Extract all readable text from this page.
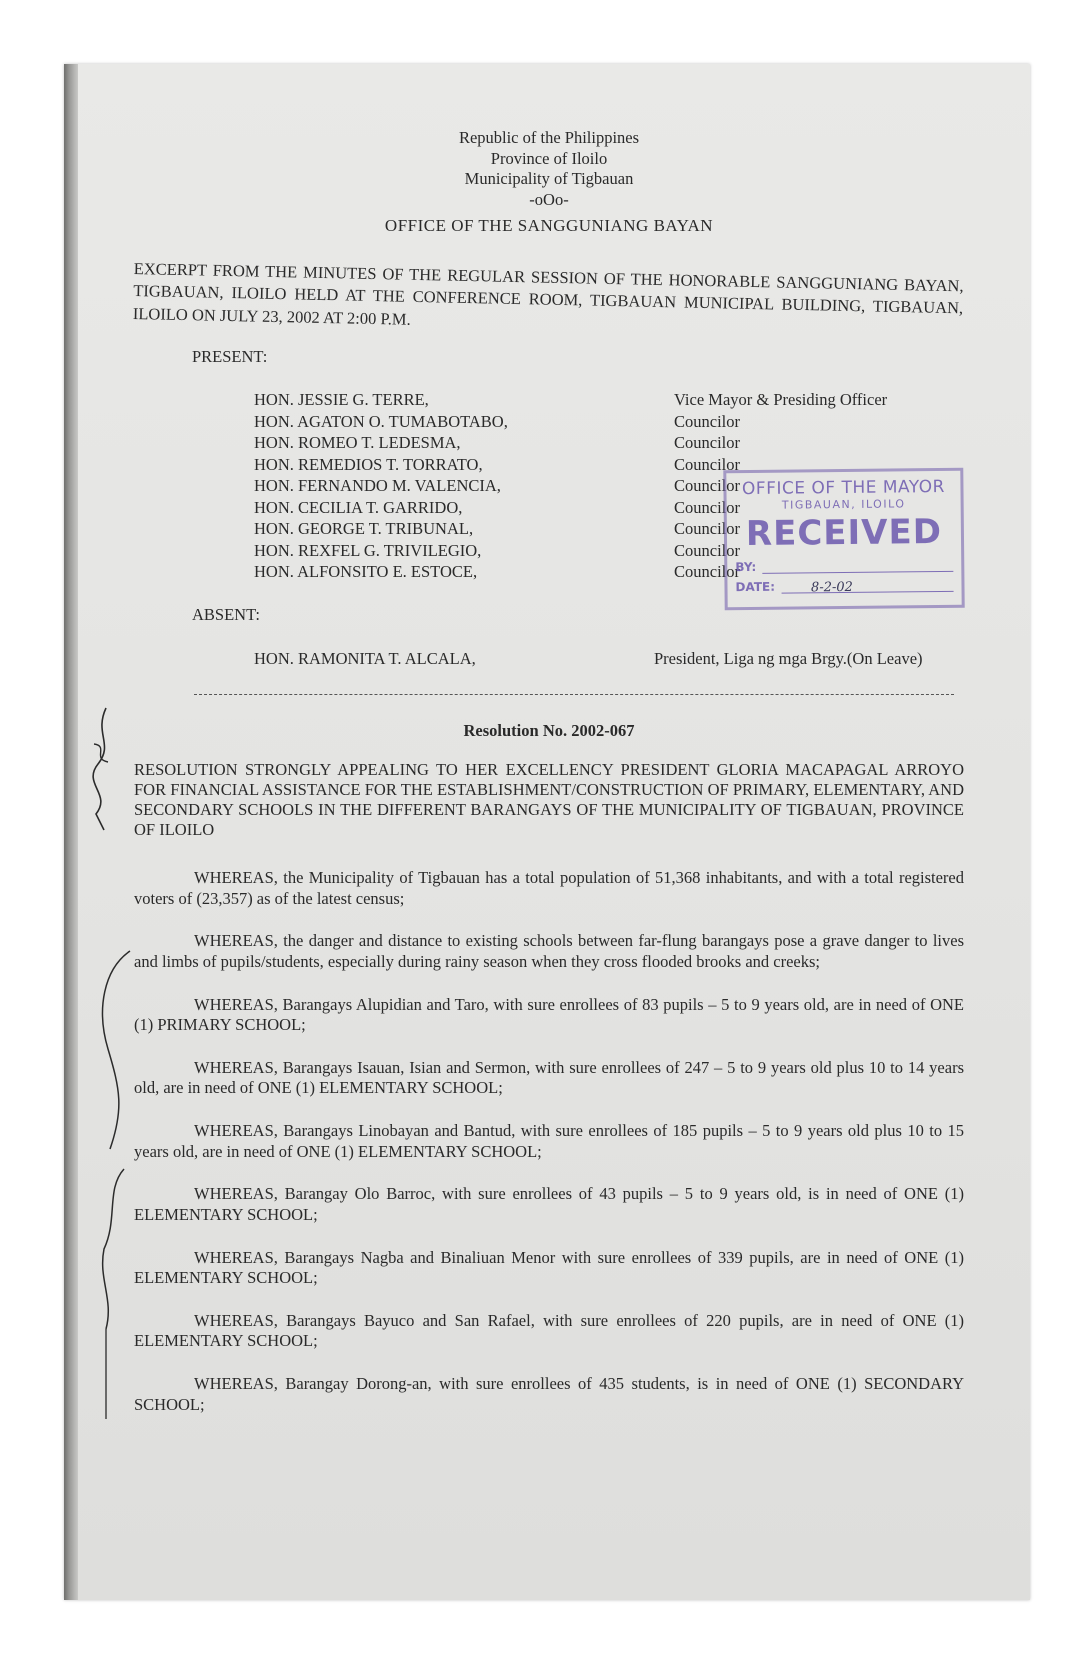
Republic of the Philippines
Province of Iloilo
Municipality of Tigbauan
-oOo-
OFFICE OF THE SANGGUNIANG BAYAN
EXCERPT FROM THE MINUTES OF THE REGULAR SESSION OF THE HONORABLE SANGGUNIANG BAYAN, TIGBAUAN, ILOILO HELD AT THE CONFERENCE ROOM, TIGBAUAN MUNICIPAL BUILDING, TIGBAUAN, ILOILO ON JULY 23, 2002 AT 2:00 P.M.
PRESENT:
HON. JESSIE G. TERRE,	Vice Mayor & Presiding Officer
HON. AGATON O. TUMABOTABO,	Councilor
HON. ROMEO T. LEDESMA,	Councilor
HON. REMEDIOS T. TORRATO,	Councilor
HON. FERNANDO M. VALENCIA,	Councilor
HON. CECILIA T. GARRIDO,	Councilor
HON. GEORGE T. TRIBUNAL,	Councilor
HON. REXFEL G. TRIVILEGIO,	Councilor
HON. ALFONSITO E. ESTOCE,	Councilor
ABSENT:
HON. RAMONITA T. ALCALA,	President, Liga ng mga Brgy.(On Leave)
Resolution No. 2002-067
RESOLUTION STRONGLY APPEALING TO HER EXCELLENCY PRESIDENT GLORIA MACAPAGAL ARROYO FOR FINANCIAL ASSISTANCE FOR THE ESTABLISHMENT/CONSTRUCTION OF PRIMARY, ELEMENTARY, AND SECONDARY SCHOOLS IN THE DIFFERENT BARANGAYS OF THE MUNICIPALITY OF TIGBAUAN, PROVINCE OF ILOILO

WHEREAS, the Municipality of Tigbauan has a total population of 51,368 inhabitants, and with a total registered voters of (23,357) as of the latest census;

WHEREAS, the danger and distance to existing schools between far-flung barangays pose a grave danger to lives and limbs of pupils/students, especially during rainy season when they cross flooded brooks and creeks;

WHEREAS, Barangays Alupidian and Taro, with sure enrollees of 83 pupils – 5 to 9 years old, are in need of ONE (1) PRIMARY SCHOOL;

WHEREAS, Barangays Isauan, Isian and Sermon, with sure enrollees of 247 – 5 to 9 years old plus 10 to 14 years old, are in need of ONE (1) ELEMENTARY SCHOOL;

WHEREAS, Barangays Linobayan and Bantud, with sure enrollees of 185 pupils – 5 to 9 years old plus 10 to 15 years old, are in need of ONE (1) ELEMENTARY SCHOOL;

WHEREAS, Barangay Olo Barroc, with sure enrollees of 43 pupils – 5 to 9 years old, is in need of ONE (1) ELEMENTARY SCHOOL;

WHEREAS, Barangays Nagba and Binaliuan Menor with sure enrollees of 339 pupils, are in need of ONE (1) ELEMENTARY SCHOOL;

WHEREAS, Barangays Bayuco and San Rafael, with sure enrollees of 220 pupils, are in need of ONE (1) ELEMENTARY SCHOOL;

WHEREAS, Barangay Dorong-an, with sure enrollees of 435 students, is in need of ONE (1) SECONDARY SCHOOL;

OFFICE OF THE MAYOR
TIGBAUAN, ILOILO
RECEIVED
BY:
DATE:	8-2-02
